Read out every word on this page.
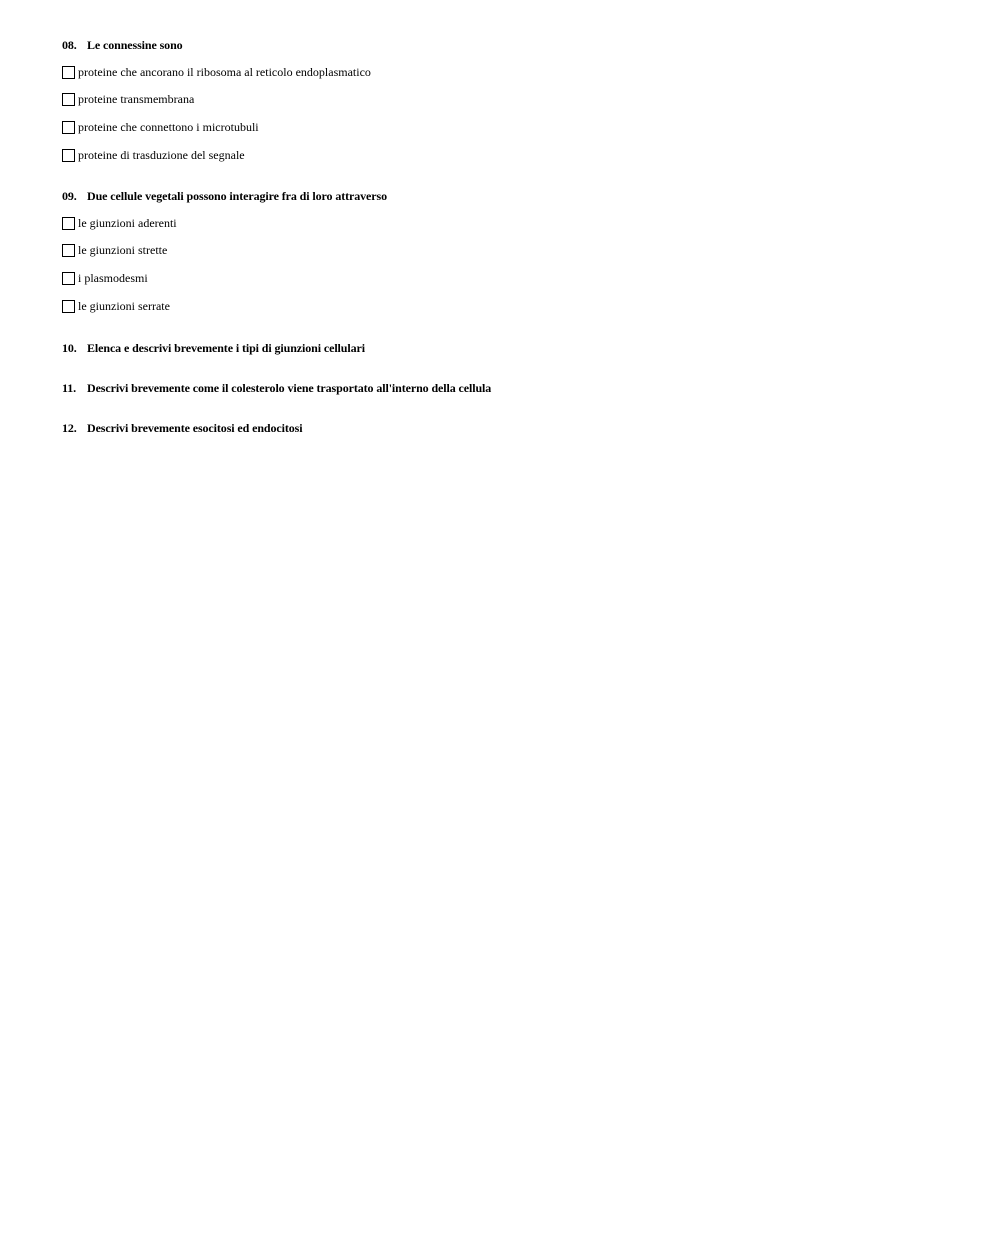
08. Le connessine sono
proteine che ancorano il ribosoma al reticolo endoplasmatico
proteine transmembrana
proteine che connettono i microtubuli
proteine di trasduzione del segnale
09. Due cellule vegetali possono interagire fra di loro attraverso
le giunzioni aderenti
le giunzioni strette
i plasmodesmi
le giunzioni serrate
10. Elenca e descrivi brevemente i tipi di giunzioni cellulari
11. Descrivi brevemente come il colesterolo viene trasportato all'interno della cellula
12. Descrivi brevemente esocitosi ed endocitosi
